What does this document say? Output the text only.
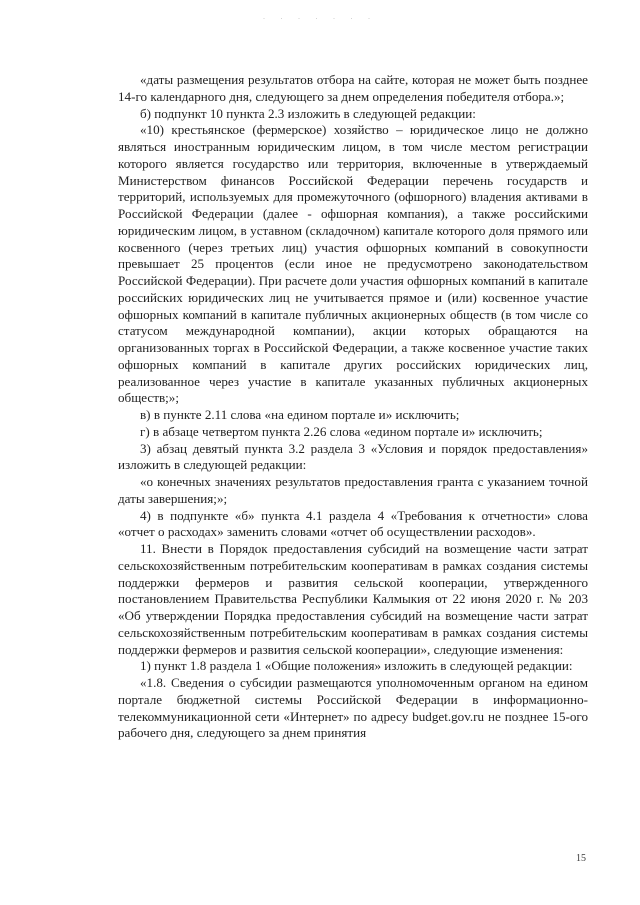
. . . . . . .

«даты размещения результатов отбора на сайте, которая не может быть позднее 14-го календарного дня, следующего за днем определения победителя отбора.»;

б) подпункт 10 пункта 2.3 изложить в следующей редакции:

«10) крестьянское (фермерское) хозяйство – юридическое лицо не должно являться иностранным юридическим лицом, в том числе местом регистрации которого является государство или территория, включенные в утверждаемый Министерством финансов Российской Федерации перечень государств и территорий, используемых для промежуточного (офшорного) владения активами в Российской Федерации (далее - офшорная компания), а также российскими юридическим лицом, в уставном (складочном) капитале которого доля прямого или косвенного (через третьих лиц) участия офшорных компаний в совокупности превышает 25 процентов (если иное не предусмотрено законодательством Российской Федерации). При расчете доли участия офшорных компаний в капитале российских юридических лиц не учитывается прямое и (или) косвенное участие офшорных компаний в капитале публичных акционерных обществ (в том числе со статусом международной компании), акции которых обращаются на организованных торгах в Российской Федерации, а также косвенное участие таких офшорных компаний в капитале других российских юридических лиц, реализованное через участие в капитале указанных публичных акционерных обществ;»;

в) в пункте 2.11 слова «на едином портале и» исключить;

г) в абзаце четвертом пункта 2.26 слова «едином портале и» исключить;

3) абзац девятый пункта 3.2 раздела 3 «Условия и порядок предоставления» изложить в следующей редакции:

«о конечных значениях результатов предоставления гранта с указанием точной даты завершения;»;

4) в подпункте «б» пункта 4.1 раздела 4 «Требования к отчетности» слова «отчет о расходах» заменить словами «отчет об осуществлении расходов».

11. Внести в Порядок предоставления субсидий на возмещение части затрат сельскохозяйственным потребительским кооперативам в рамках создания системы поддержки фермеров и развития сельской кооперации, утвержденного постановлением Правительства Республики Калмыкия от 22 июня 2020 г. № 203 «Об утверждении Порядка предоставления субсидий на возмещение части затрат сельскохозяйственным потребительским кооперативам в рамках создания системы поддержки фермеров и развития сельской кооперации», следующие изменения:

1) пункт 1.8 раздела 1 «Общие положения» изложить в следующей редакции:

«1.8. Сведения о субсидии размещаются уполномоченным органом на едином портале бюджетной системы Российской Федерации в информационно-телекоммуникационной сети «Интернет» по адресу budget.gov.ru не позднее 15-ого рабочего дня, следующего за днем принятия

15
